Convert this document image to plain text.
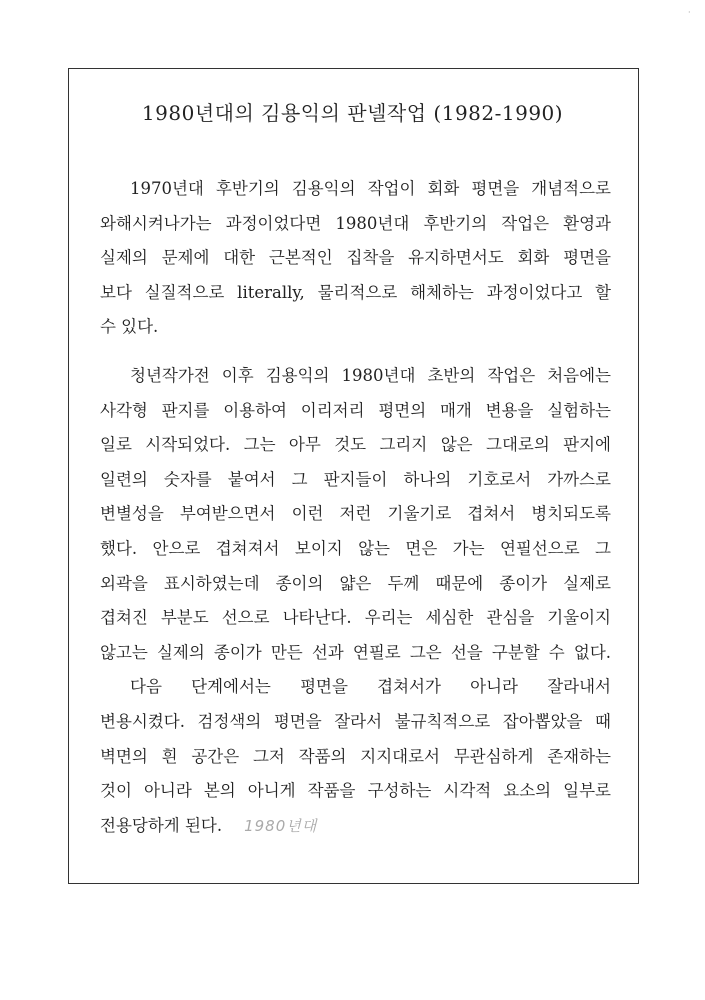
·
1980년대의 김용익의 판넬작업 (1982-1990)
1970년대 후반기의 김용익의 작업이 회화 평면을 개념적으로
와해시켜나가는 과정이었다면 1980년대 후반기의 작업은 환영과
실제의 문제에 대한 근본적인 집착을 유지하면서도 회화 평면을
보다 실질적으로 literally, 물리적으로 해체하는 과정이었다고 할
수 있다.
청년작가전 이후 김용익의 1980년대 초반의 작업은 처음에는
사각형 판지를 이용하여 이리저리 평면의 매개 변용을 실험하는
일로 시작되었다. 그는 아무 것도 그리지 않은 그대로의 판지에
일련의 숫자를 붙여서 그 판지들이 하나의 기호로서 가까스로
변별성을 부여받으면서 이런 저런 기울기로 겹쳐서 병치되도록
했다. 안으로 겹쳐져서 보이지 않는 면은 가는 연필선으로 그
외곽을 표시하였는데 종이의 얇은 두께 때문에 종이가 실제로
겹쳐진 부분도 선으로 나타난다. 우리는 세심한 관심을 기울이지
않고는 실제의 종이가 만든 선과 연필로 그은 선을 구분할 수 없다.
다음 단계에서는 평면을 겹쳐서가 아니라 잘라내서
변용시켰다. 검정색의 평면을 잘라서 불규칙적으로 잡아뽑았을 때
벽면의 흰 공간은 그저 작품의 지지대로서 무관심하게 존재하는
것이 아니라 본의 아니게 작품을 구성하는 시각적 요소의 일부로
전용당하게 된다. 1980년대
